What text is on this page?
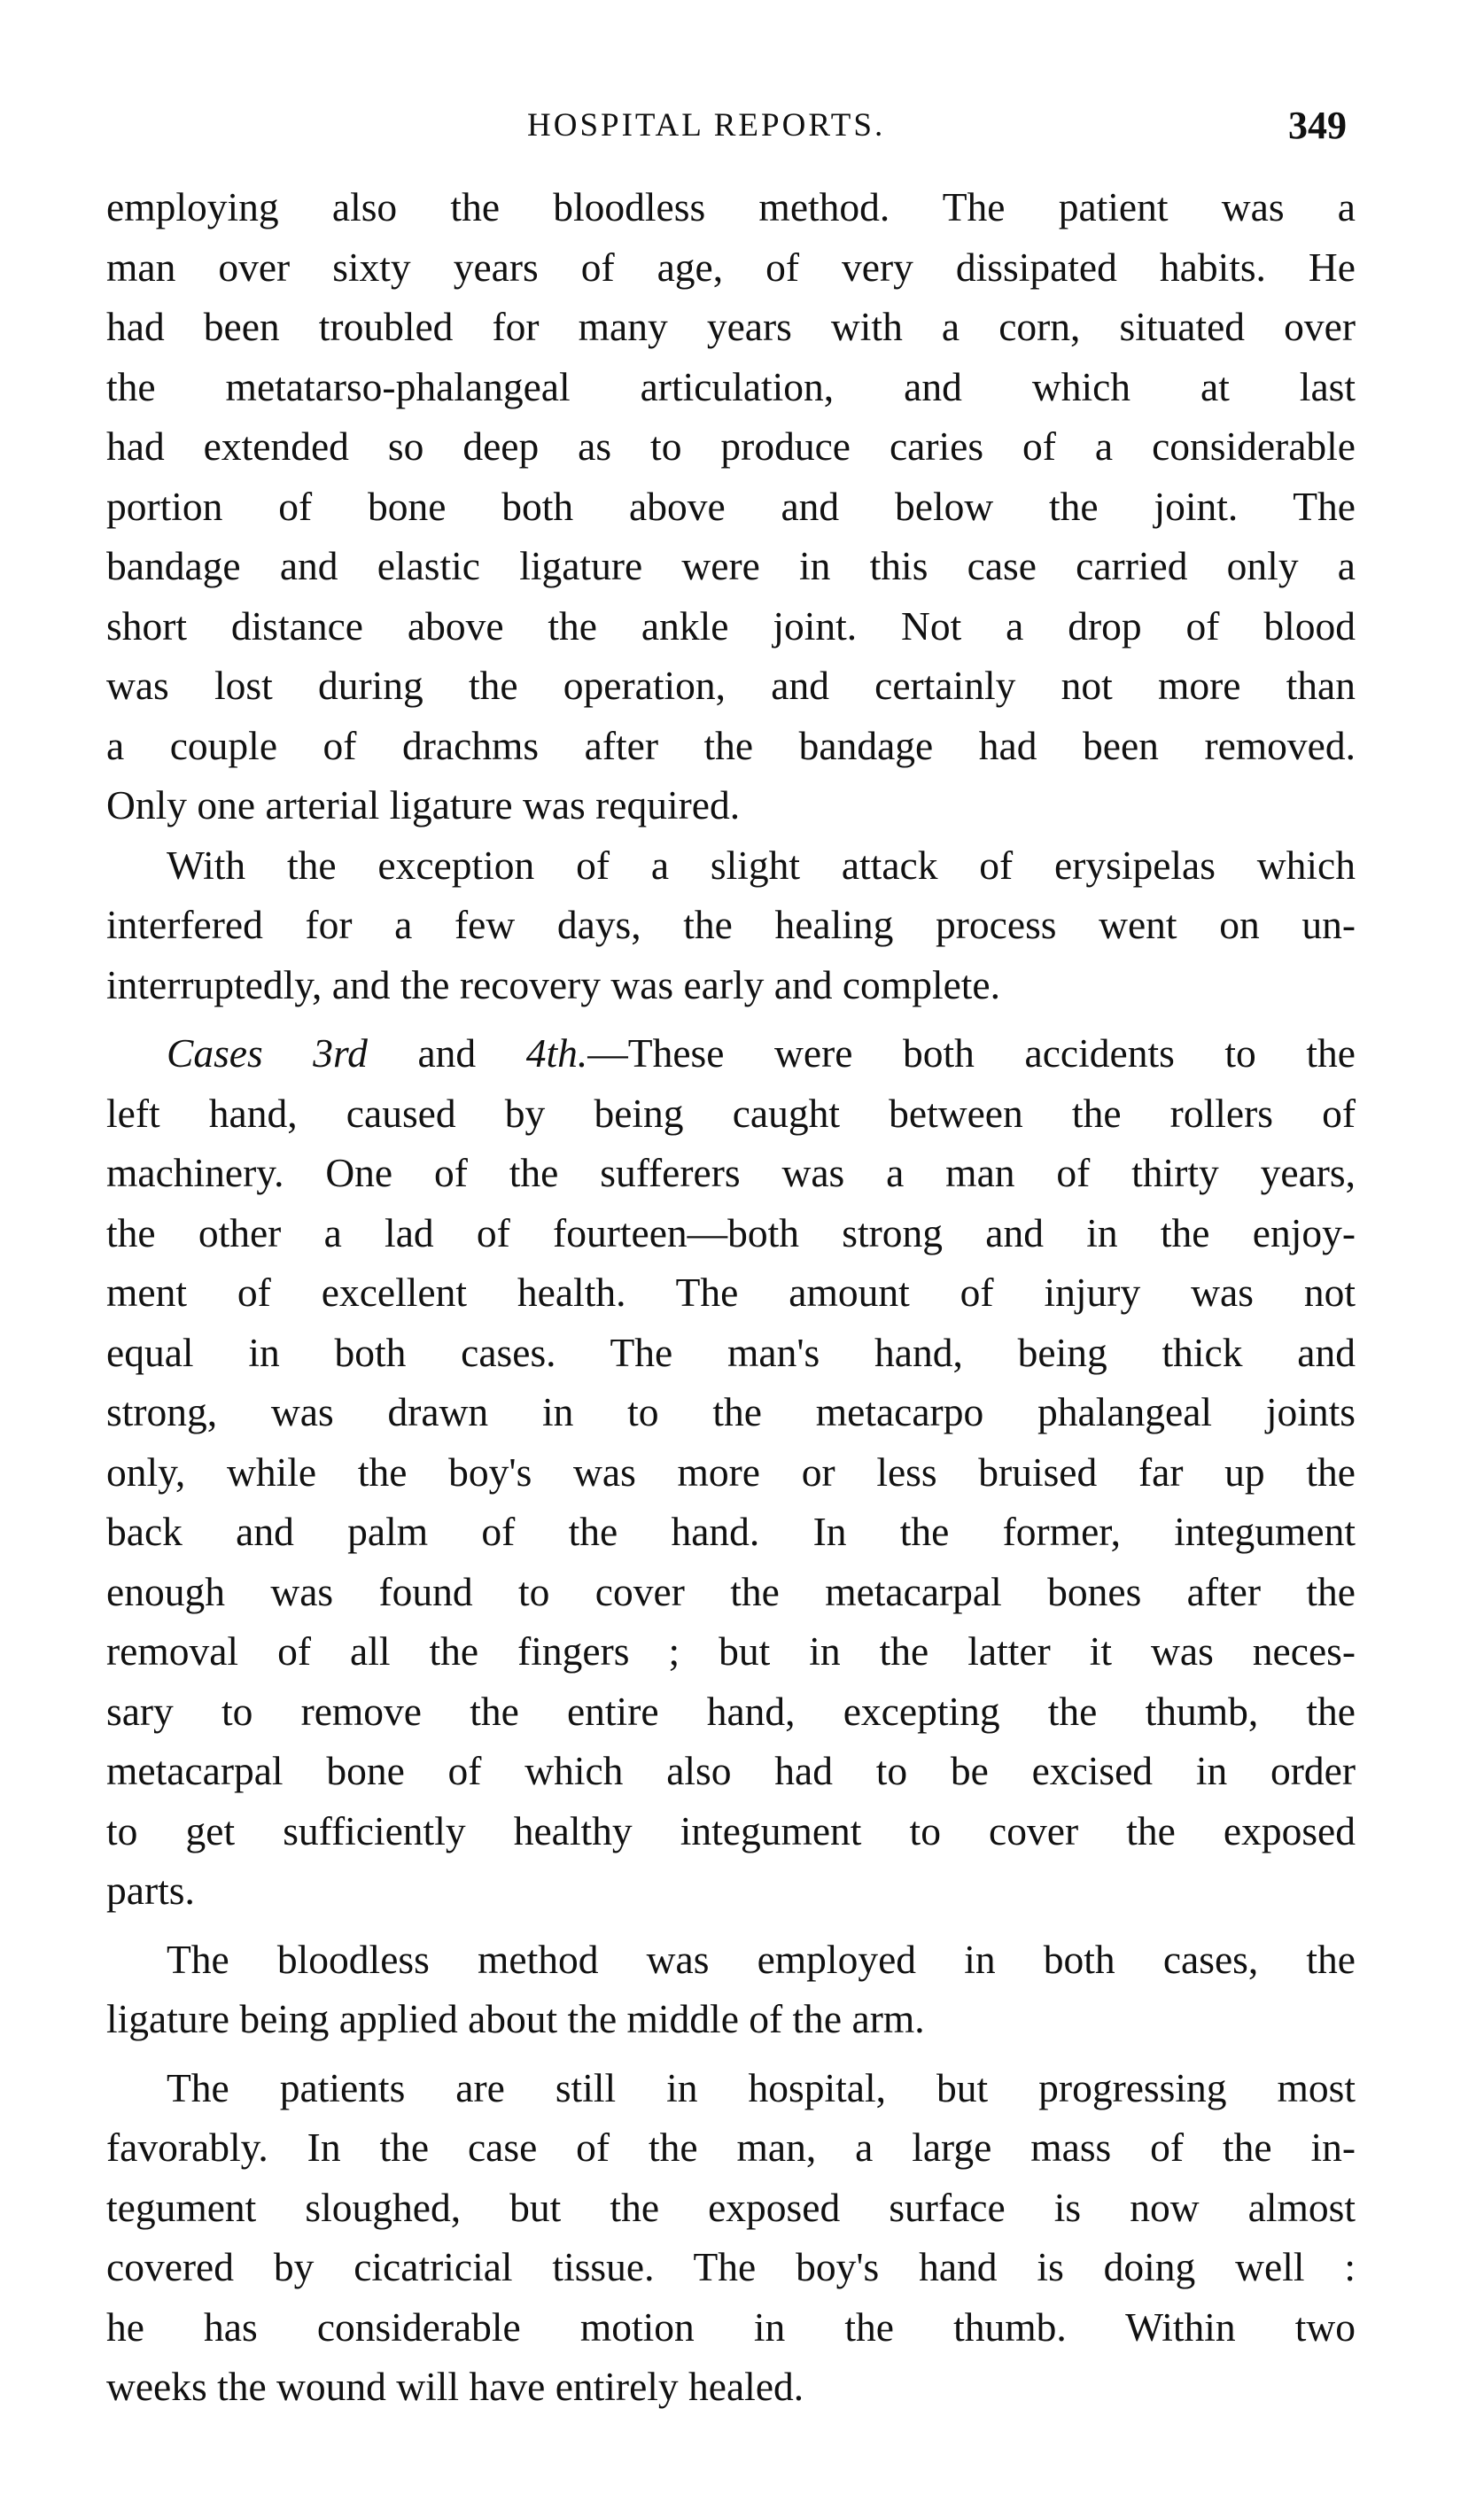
HOSPITAL REPORTS.	349
employing also the bloodless method. The patient was a
man over sixty years of age, of very dissipated habits. He
had been troubled for many years with a corn, situated over
the metatarso-phalangeal articulation, and which at last
had extended so deep as to produce caries of a considerable
portion of bone both above and below the joint. The
bandage and elastic ligature were in this case carried only a
short distance above the ankle joint. Not a drop of blood
was lost during the operation, and certainly not more than
a couple of drachms after the bandage had been removed.
Only one arterial ligature was required.
With the exception of a slight attack of erysipelas which
interfered for a few days, the healing process went on un-
interruptedly, and the recovery was early and complete.
Cases 3rd and 4th.—These were both accidents to the
left hand, caused by being caught between the rollers of
machinery. One of the sufferers was a man of thirty years,
the other a lad of fourteen—both strong and in the enjoy-
ment of excellent health. The amount of injury was not
equal in both cases. The man's hand, being thick and
strong, was drawn in to the metacarpo phalangeal joints
only, while the boy's was more or less bruised far up the
back and palm of the hand. In the former, integument
enough was found to cover the metacarpal bones after the
removal of all the fingers ; but in the latter it was neces-
sary to remove the entire hand, excepting the thumb, the
metacarpal bone of which also had to be excised in order
to get sufficiently healthy integument to cover the exposed
parts.
The bloodless method was employed in both cases, the
ligature being applied about the middle of the arm.
The patients are still in hospital, but progressing most
favorably. In the case of the man, a large mass of the in-
tegument sloughed, but the exposed surface is now almost
covered by cicatricial tissue. The boy's hand is doing well :
he has considerable motion in the thumb. Within two
weeks the wound will have entirely healed.
